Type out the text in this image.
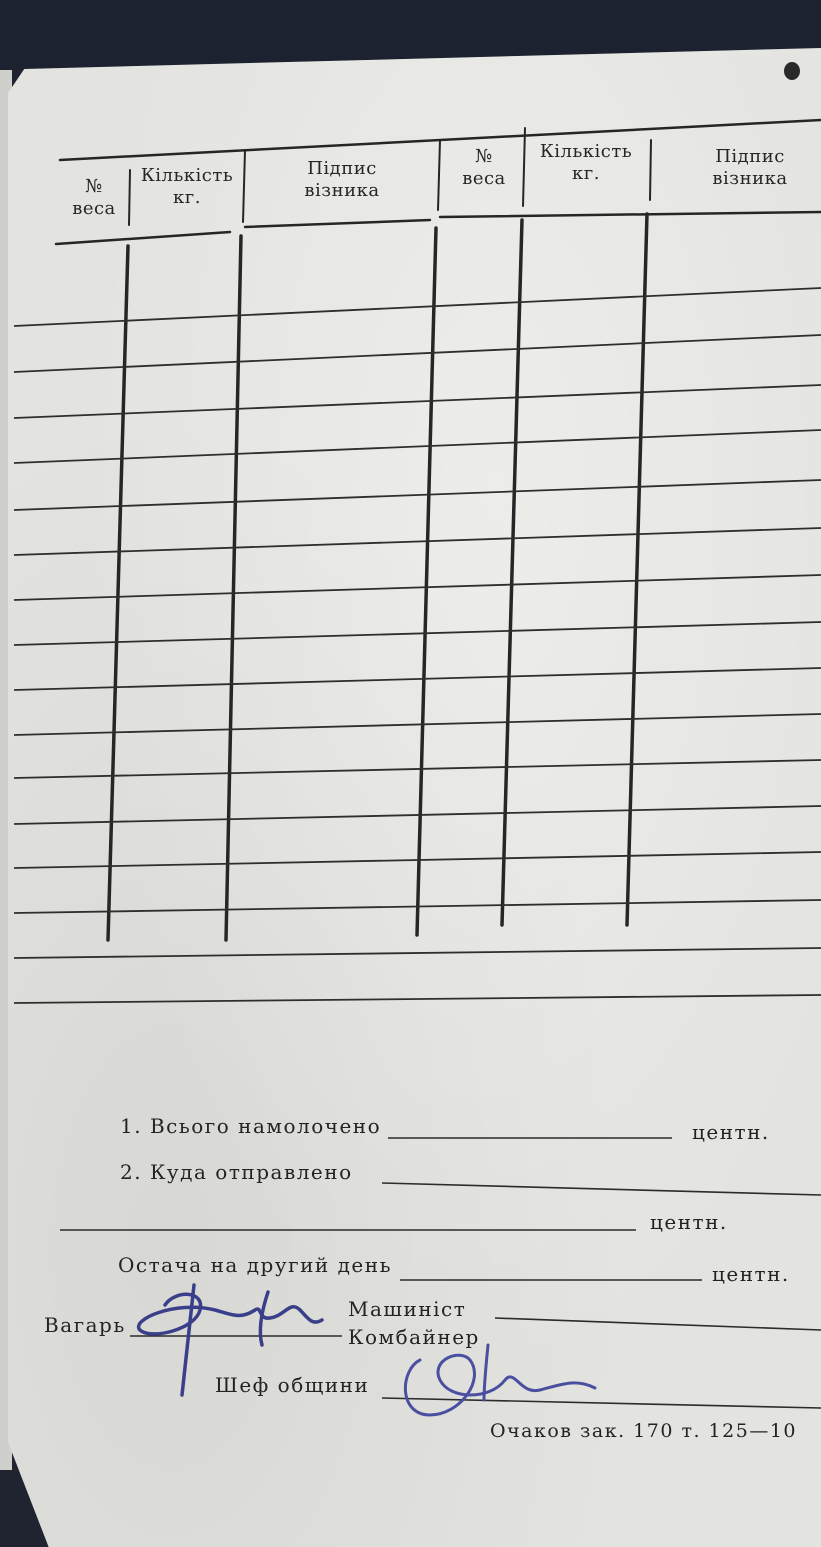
№
веса
Кількість
кг.
Підпис
візника
№
веса
Кількість
кг.
Підпис
візника
1. Всього намолочено	центн.
2. Куда отправлено
центн.
Остача на другий день	центн.
Вагарь
Машиніст
Комбайнер
Шеф общини
Очаков зак. 170 т. 125—10
